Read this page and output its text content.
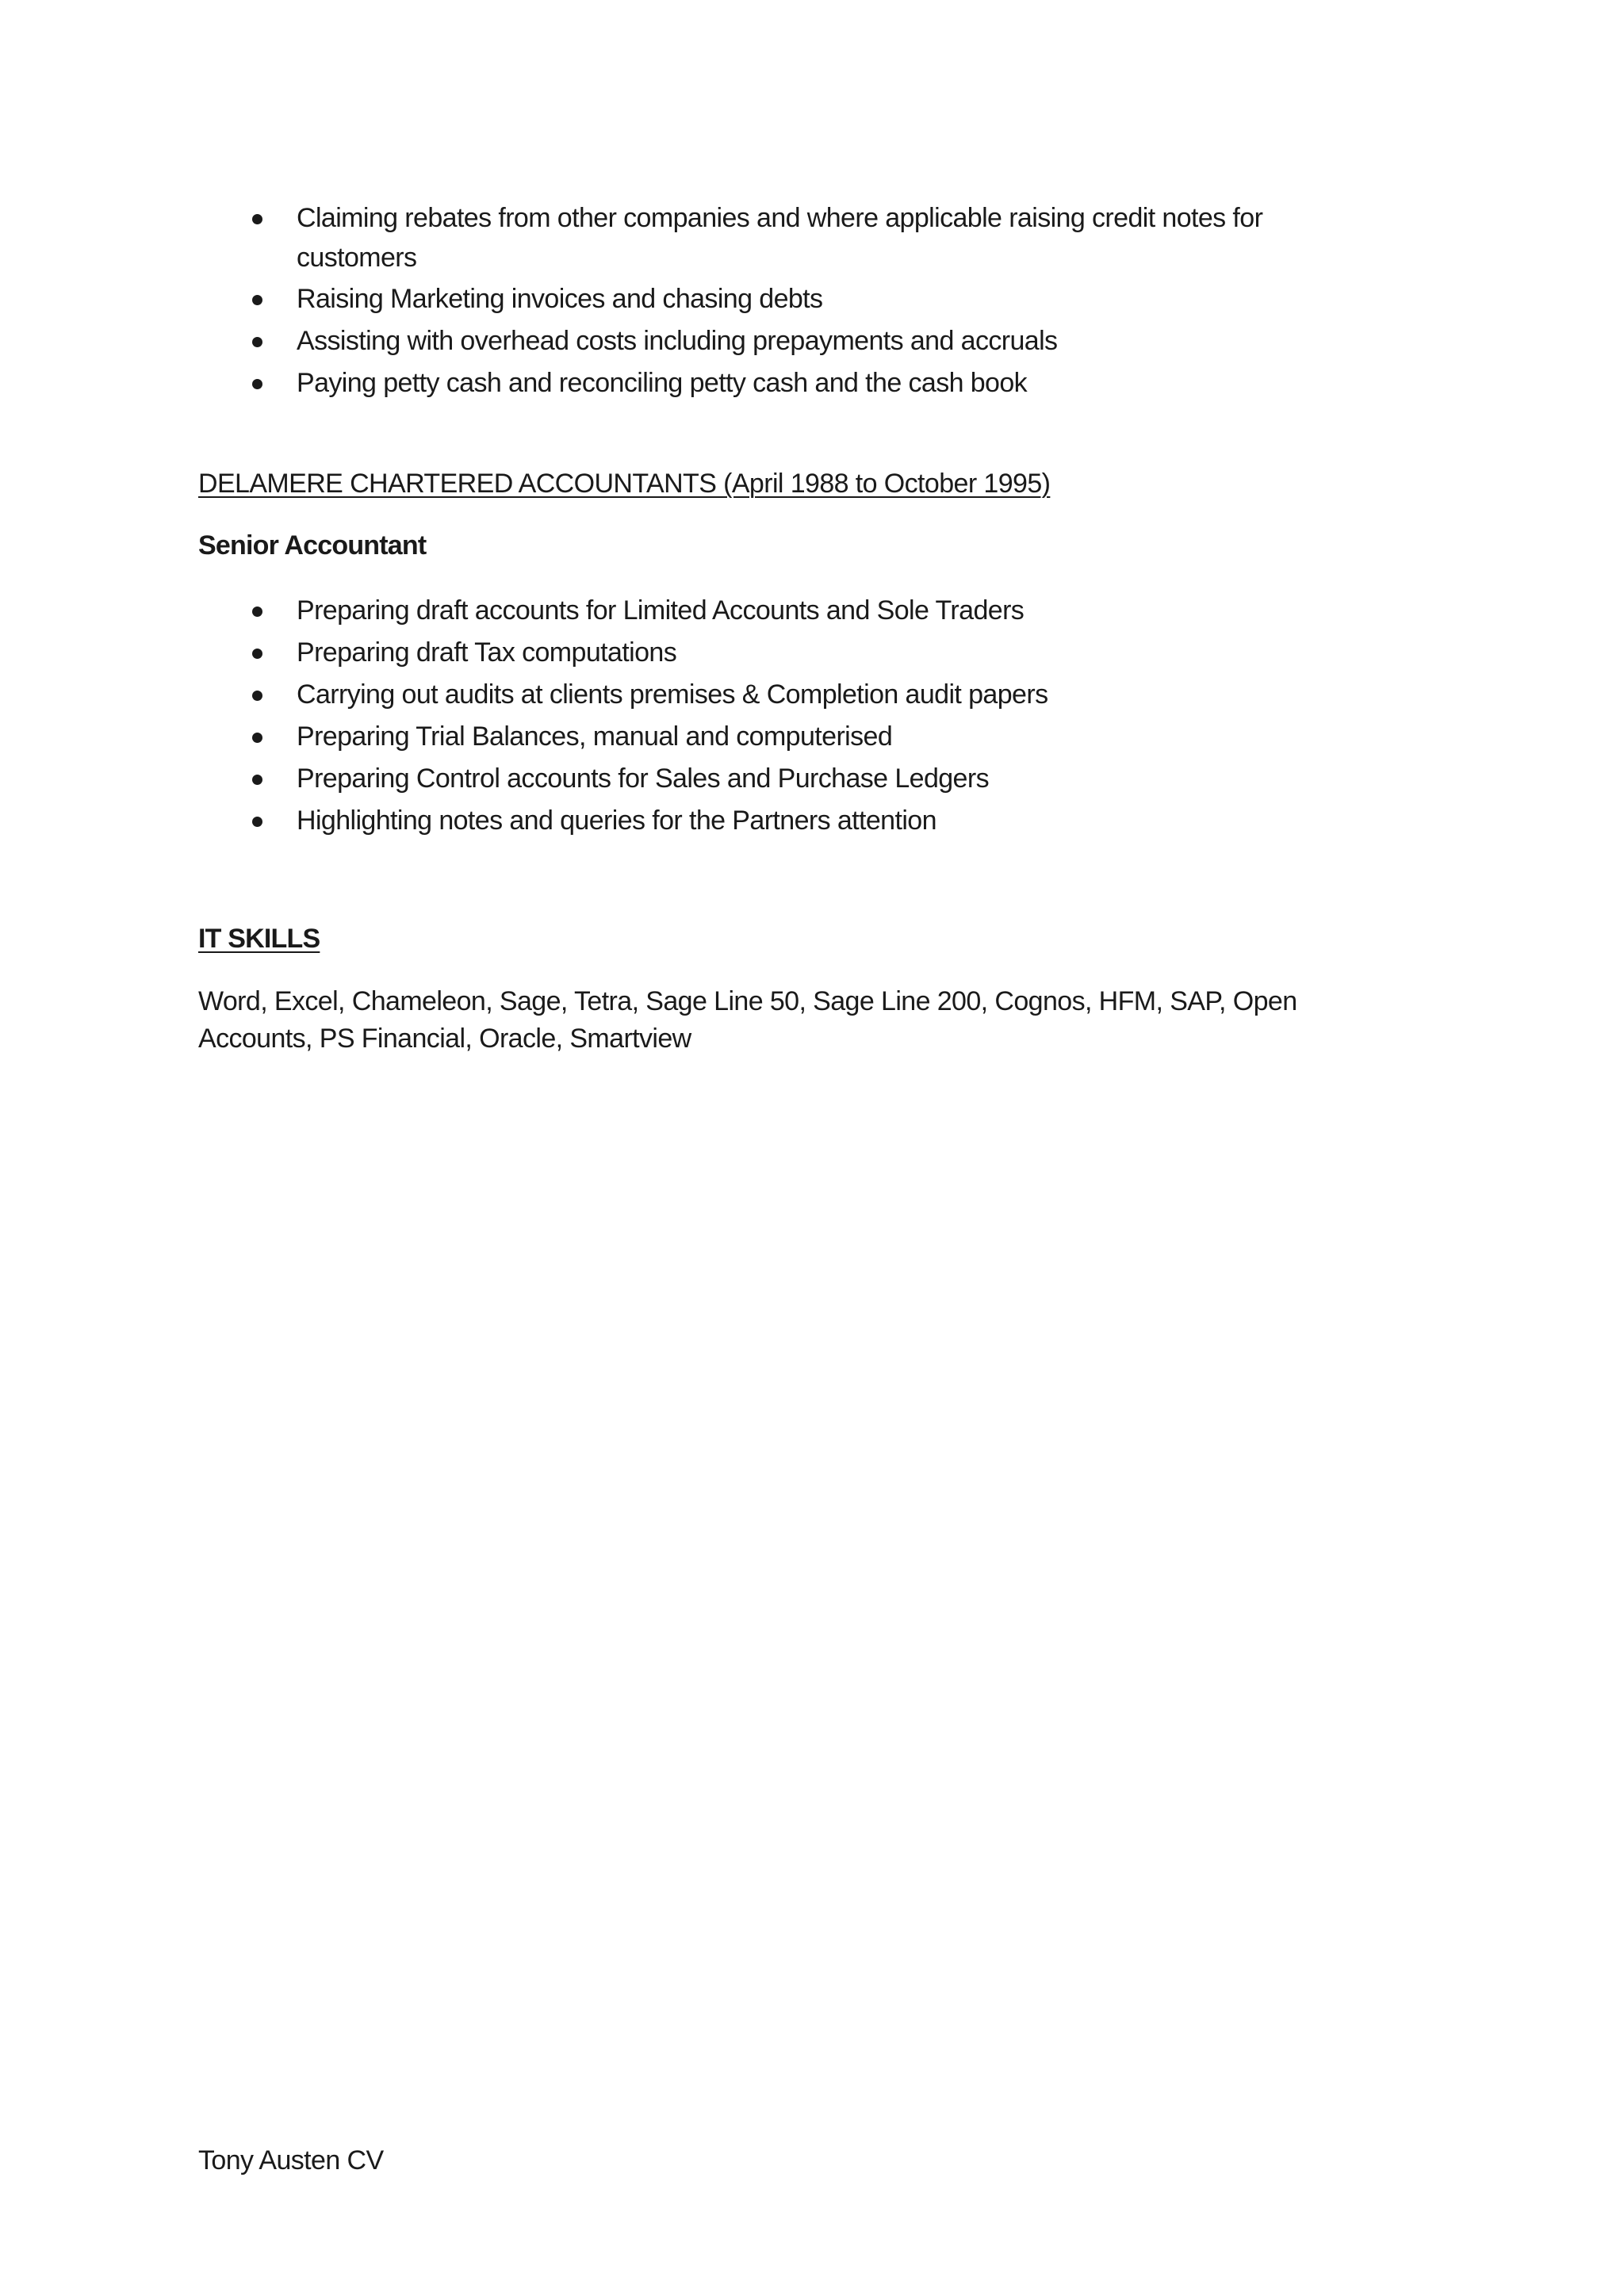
Claiming rebates from other companies and where applicable raising credit notes for customers
Raising Marketing invoices and chasing debts
Assisting with overhead costs including prepayments and accruals
Paying petty cash and reconciling petty cash and the cash book
DELAMERE CHARTERED ACCOUNTANTS (April 1988 to October 1995)
Senior Accountant
Preparing draft accounts for Limited Accounts and Sole Traders
Preparing draft Tax computations
Carrying out audits at clients premises & Completion audit papers
Preparing Trial Balances, manual and computerised
Preparing Control accounts for Sales and Purchase Ledgers
Highlighting notes and queries for the Partners attention
IT SKILLS

Word, Excel, Chameleon, Sage, Tetra, Sage Line 50, Sage Line 200, Cognos, HFM, SAP, Open Accounts, PS Financial, Oracle, Smartview

Tony Austen CV
